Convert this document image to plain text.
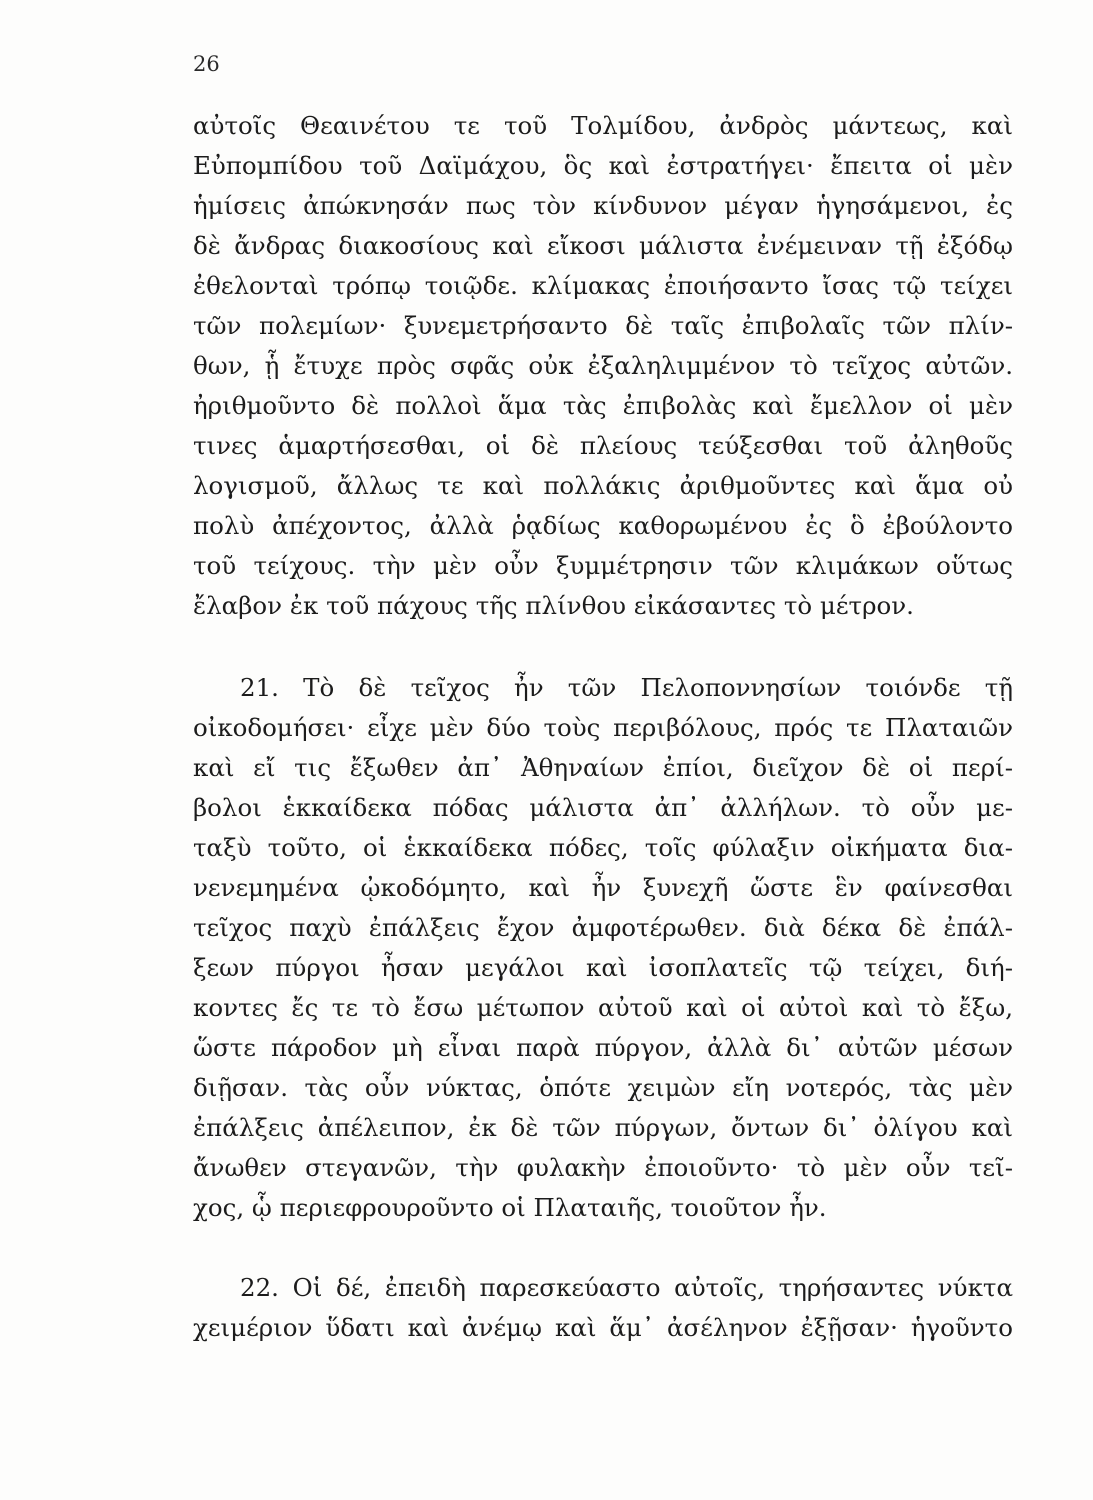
26
αὐτοῖς Θεαινέτου τε τοῦ Τολμίδου, ἀνδρὸς μάντεως, καὶ
Εὐπομπίδου τοῦ Δαϊμάχου, ὃς καὶ ἐστρατήγει· ἔπειτα οἱ μὲν
ἡμίσεις ἀπώκνησάν πως τὸν κίνδυνον μέγαν ἡγησάμενοι, ἐς
δὲ ἄνδρας διακοσίους καὶ εἴκοσι μάλιστα ἐνέμειναν τῇ ἐξόδῳ
ἐθελονταὶ τρόπῳ τοιῷδε. κλίμακας ἐποιήσαντο ἴσας τῷ τείχει
τῶν πολεμίων· ξυνεμετρήσαντο δὲ ταῖς ἐπιβολαῖς τῶν πλίν-
θων, ᾗ ἔτυχε πρὸς σφᾶς οὐκ ἐξαληλιμμένον τὸ τεῖχος αὐτῶν.
ἠριθμοῦντο δὲ πολλοὶ ἅμα τὰς ἐπιβολὰς καὶ ἔμελλον οἱ μὲν
τινες ἁμαρτήσεσθαι, οἱ δὲ πλείους τεύξεσθαι τοῦ ἀληθοῦς
λογισμοῦ, ἄλλως τε καὶ πολλάκις ἀριθμοῦντες καὶ ἅμα οὐ
πολὺ ἀπέχοντος, ἀλλὰ ῥᾳδίως καθορωμένου ἐς ὃ ἐβούλοντο
τοῦ τείχους. τὴν μὲν οὖν ξυμμέτρησιν τῶν κλιμάκων οὕτως
ἔλαβον ἐκ τοῦ πάχους τῆς πλίνθου εἰκάσαντες τὸ μέτρον.
21. Τὸ δὲ τεῖχος ἦν τῶν Πελοποννησίων τοιόνδε τῇ
οἰκοδομήσει· εἶχε μὲν δύο τοὺς περιβόλους, πρός τε Πλαταιῶν
καὶ εἴ τις ἔξωθεν ἀπ᾽ Ἀθηναίων ἐπίοι, διεῖχον δὲ οἱ περί-
βολοι ἑκκαίδεκα πόδας μάλιστα ἀπ᾽ ἀλλήλων. τὸ οὖν με-
ταξὺ τοῦτο, οἱ ἑκκαίδεκα πόδες, τοῖς φύλαξιν οἰκήματα δια-
νενεμημένα ᾠκοδόμητο, καὶ ἦν ξυνεχῆ ὥστε ἓν φαίνεσθαι
τεῖχος παχὺ ἐπάλξεις ἔχον ἀμφοτέρωθεν. διὰ δέκα δὲ ἐπάλ-
ξεων πύργοι ἦσαν μεγάλοι καὶ ἰσοπλατεῖς τῷ τείχει, διή-
κοντες ἔς τε τὸ ἔσω μέτωπον αὐτοῦ καὶ οἱ αὐτοὶ καὶ τὸ ἔξω,
ὥστε πάροδον μὴ εἶναι παρὰ πύργον, ἀλλὰ δι᾽ αὐτῶν μέσων
διῇσαν. τὰς οὖν νύκτας, ὁπότε χειμὼν εἴη νοτερός, τὰς μὲν
ἐπάλξεις ἀπέλειπον, ἐκ δὲ τῶν πύργων, ὄντων δι᾽ ὀλίγου καὶ
ἄνωθεν στεγανῶν, τὴν φυλακὴν ἐποιοῦντο· τὸ μὲν οὖν τεῖ-
χος, ᾧ περιεφρουροῦντο οἱ Πλαταιῆς, τοιοῦτον ἦν.
22. Οἱ δέ, ἐπειδὴ παρεσκεύαστο αὐτοῖς, τηρήσαντες νύκτα
χειμέριον ὕδατι καὶ ἀνέμῳ καὶ ἅμ᾽ ἀσέληνον ἐξῇσαν· ἡγοῦντο
